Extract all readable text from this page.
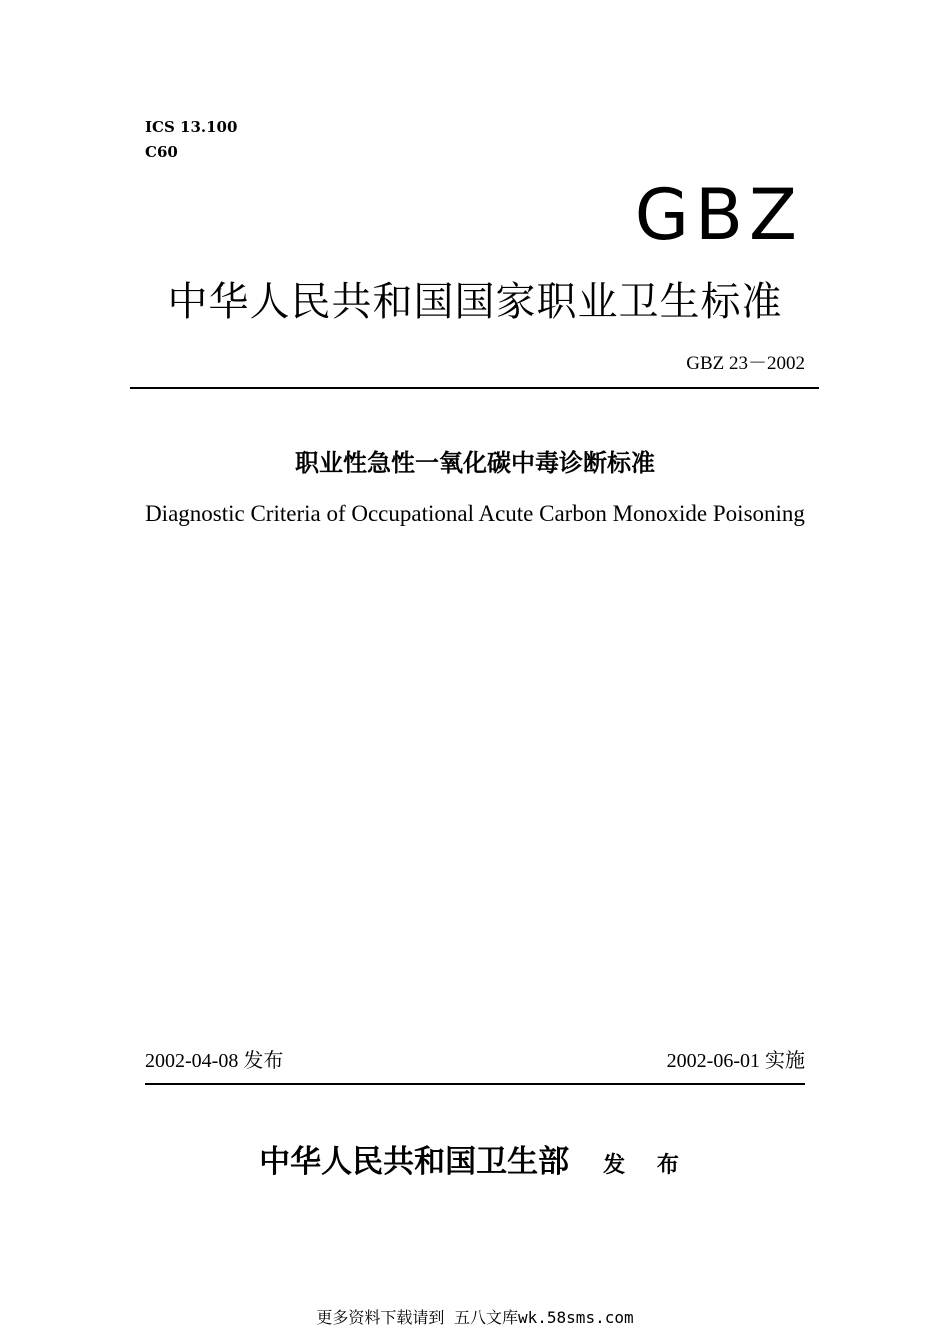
ICS 13.100
C60
GBZ
中华人民共和国国家职业卫生标准
GBZ 23－2002
职业性急性一氧化碳中毒诊断标准
Diagnostic Criteria of Occupational Acute Carbon Monoxide Poisoning
2002-04-08 发布	2002-06-01 实施
中华人民共和国卫生部 发 布
更多资料下载请到 五八文库wk.58sms.com
